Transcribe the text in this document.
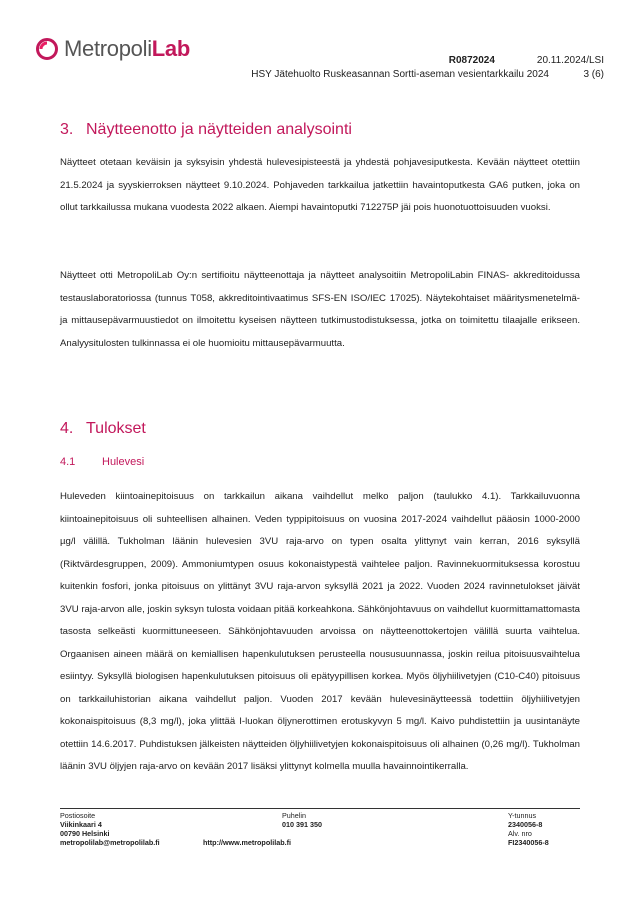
MetropoliLab	R0872024	20.11.2024/LSI
HSY Jätehuolto Ruskeasannan Sortti-aseman vesientarkkailu 2024	3 (6)
3. Näytteenotto ja näytteiden analysointi

Näytteet otetaan keväisin ja syksyisin yhdestä hulevesipisteestä ja yhdestä pohjavesiputkesta. Kevään näytteet otettiin 21.5.2024 ja syyskierroksen näytteet 9.10.2024. Pohjaveden tarkkailua jatkettiin havaintoputkesta GA6 putken, joka on ollut tarkkailussa mukana vuodesta 2022 alkaen. Aiempi havaintoputki 712275P jäi pois huonotuottoisuuden vuoksi.

Näytteet otti MetropoliLab Oy:n sertifioitu näytteenottaja ja näytteet analysoitiin MetropoliLabin FINAS- akkreditoidussa testauslaboratoriossa (tunnus T058, akkreditointivaatimus SFS-EN ISO/IEC 17025). Näytekohtaiset määritysmenetelmä- ja mittausepävarmuustiedot on ilmoitettu kyseisen näytteen tutkimustodistuksessa, jotka on toimitettu tilaajalle erikseen. Analyysitulosten tulkinnassa ei ole huomioitu mittausepävarmuutta.

4. Tulokset
4.1 Hulevesi

Huleveden kiintoainepitoisuus on tarkkailun aikana vaihdellut melko paljon (taulukko 4.1). Tarkkailuvuonna kiintoainepitoisuus oli suhteellisen alhainen. Veden typpipitoisuus on vuosina 2017-2024 vaihdellut pääosin 1000-2000 µg/l välillä. Tukholman läänin hulevesien 3VU raja-arvo on typen osalta ylittynyt vain kerran, 2016 syksyllä (Riktvärdesgruppen, 2009). Ammoniumtypen osuus kokonaistypestä vaihtelee paljon. Ravinnekuormituksessa korostuu kuitenkin fosfori, jonka pitoisuus on ylittänyt 3VU raja-arvon syksyllä 2021 ja 2022. Vuoden 2024 ravinnetulokset jäivät 3VU raja-arvon alle, joskin syksyn tulosta voidaan pitää korkeahkona. Sähkönjohtavuus on vaihdellut kuormittamattomasta tasosta selkeästi kuormittuneeseen. Sähkönjohtavuuden arvoissa on näytteenottokertojen välillä suurta vaihtelua. Orgaanisen aineen määrä on kemiallisen hapenkulutuksen perusteella noususuunnassa, joskin reilua pitoisuusvaihtelua esiintyy. Syksyllä biologisen hapenkulutuksen pitoisuus oli epätyypillisen korkea. Myös öljyhiilivetyjen (C10-C40) pitoisuus on tarkkailuhistorian aikana vaihdellut paljon. Vuoden 2017 kevään hulevesinäytteessä todettiin öljyhiilivetyjen kokonaispitoisuus (8,3 mg/l), joka ylittää I-luokan öljynerottimen erotuskyvyn 5 mg/l. Kaivo puhdistettiin ja uusintanäyte otettiin 14.6.2017. Puhdistuksen jälkeisten näytteiden öljyhiilivetyjen kokonaispitoisuus oli alhainen (0,26 mg/l). Tukholman läänin 3VU öljyjen raja-arvo on kevään 2017 lisäksi ylittynyt kolmella muulla havainnointikerralla.

Postiosoite
Viikinkaari 4
00790 Helsinki
metropolilab@metropolilab.fi	http://www.metropolilab.fi
Puhelin
010 391 350
Y-tunnus
2340056-8
Alv. nro
FI2340056-8
